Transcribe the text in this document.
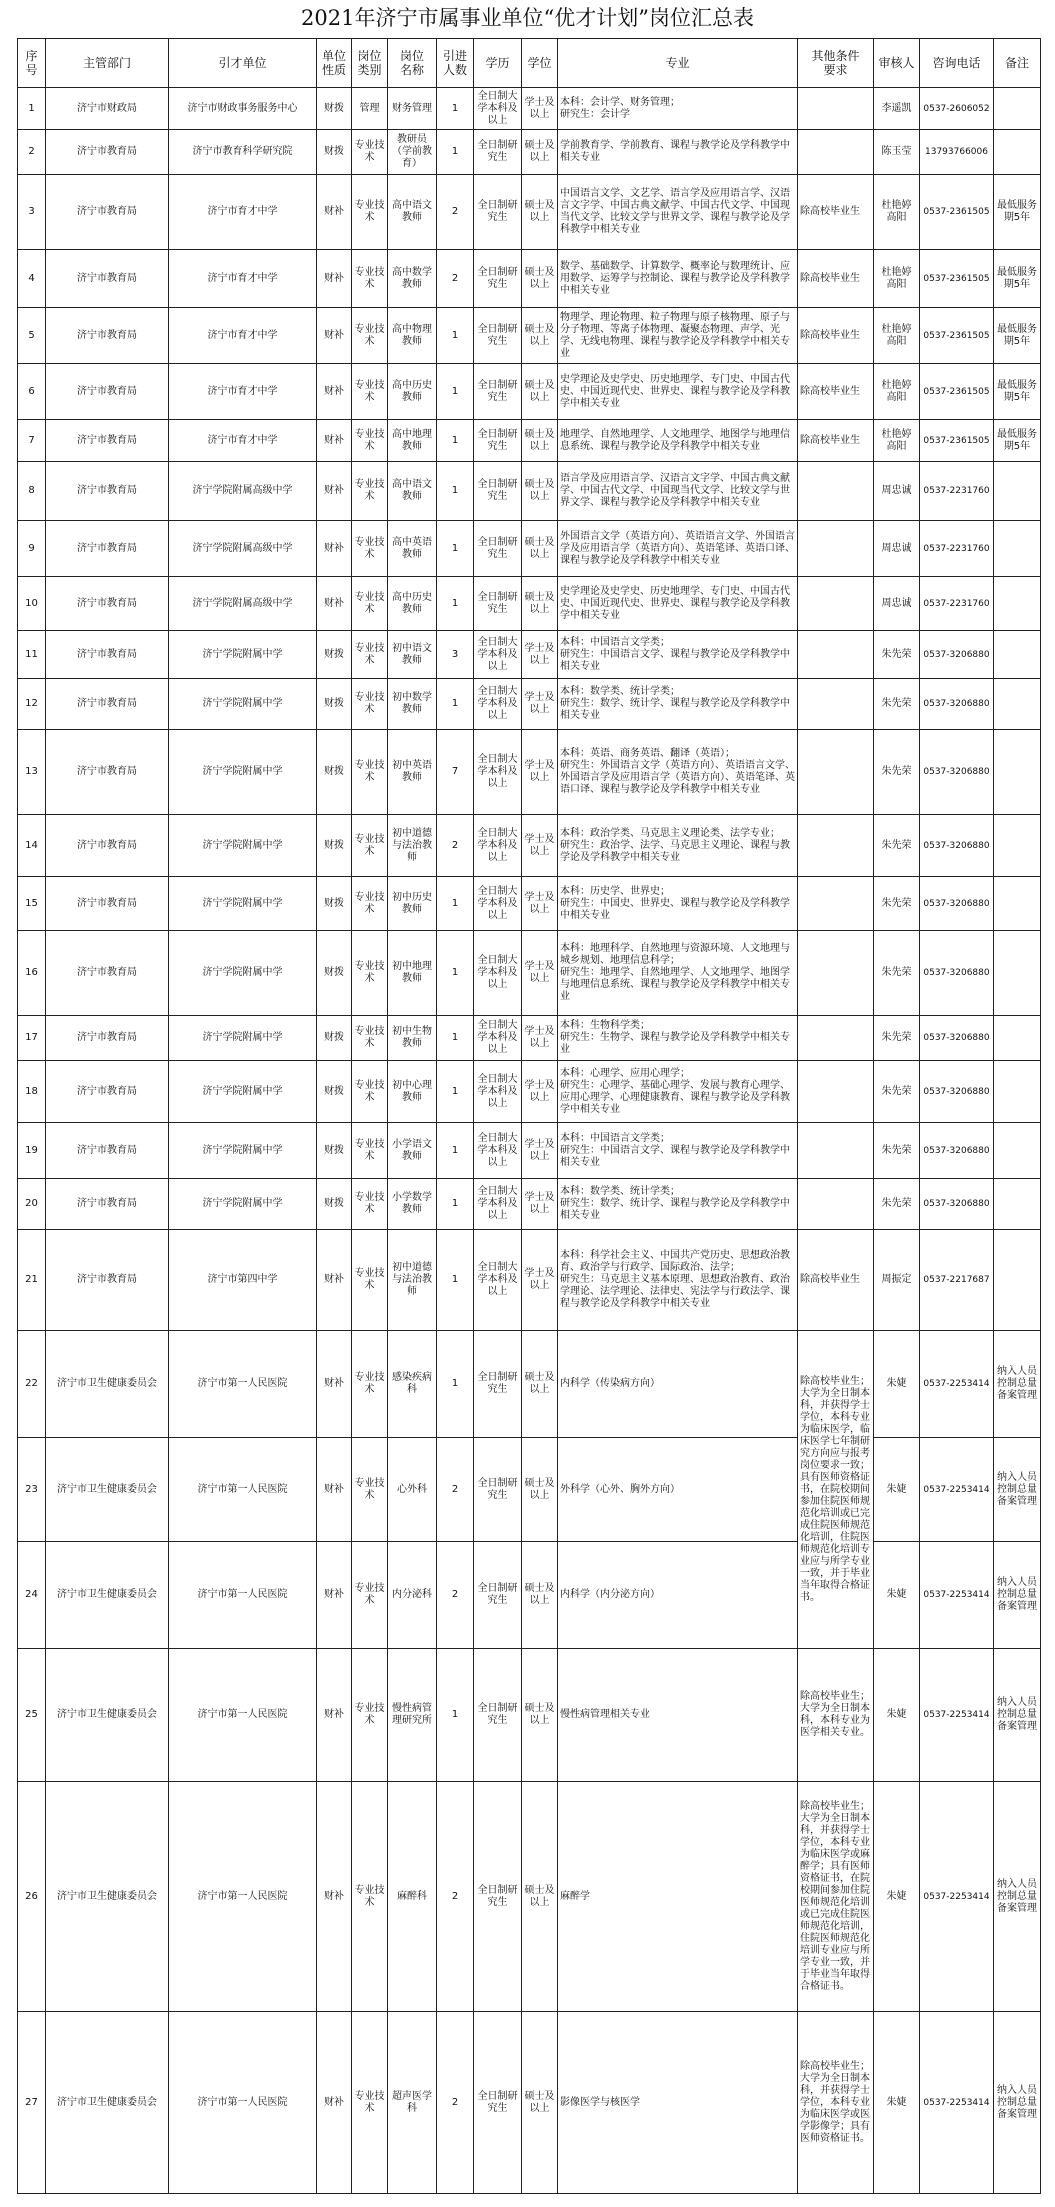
2021年济宁市属事业单位“优才计划”岗位汇总表
序号	主管部门	引才单位	单位性质	岗位类别	岗位名称	引进人数	学历	学位	专业	其他条件要求	审核人	咨询电话	备注
1	济宁市财政局	济宁市财政事务服务中心	财拨	管理	财务管理	1	全日制大学本科及以上	学士及以上	本科：会计学、财务管理；
研究生：会计学		李遥凯	0537-2606052	
2	济宁市教育局	济宁市教育科学研究院	财拨	专业技术	教研员（学前教育）	1	全日制研究生	硕士及以上	学前教育学、学前教育、课程与教学论及学科教学中相关专业		陈玉莹	13793766006	
3	济宁市教育局	济宁市育才中学	财补	专业技术	高中语文教师	2	全日制研究生	硕士及以上	中国语言文学、文艺学、语言学及应用语言学、汉语言文字学、中国古典文献学、中国古代文学、中国现当代文学、比较文学与世界文学、课程与教学论及学科教学中相关专业	除高校毕业生	杜艳婷 高阳	0537-2361505	最低服务期5年
4	济宁市教育局	济宁市育才中学	财补	专业技术	高中数学教师	2	全日制研究生	硕士及以上	数学、基础数学、计算数学、概率论与数理统计、应用数学、运筹学与控制论、课程与教学论及学科教学中相关专业	除高校毕业生	杜艳婷 高阳	0537-2361505	最低服务期5年
5	济宁市教育局	济宁市育才中学	财补	专业技术	高中物理教师	1	全日制研究生	硕士及以上	物理学、理论物理、粒子物理与原子核物理、原子与分子物理、等离子体物理、凝聚态物理、声学、光学、无线电物理、课程与教学论及学科教学中相关专业	除高校毕业生	杜艳婷 高阳	0537-2361505	最低服务期5年
6	济宁市教育局	济宁市育才中学	财补	专业技术	高中历史教师	1	全日制研究生	硕士及以上	史学理论及史学史、历史地理学、专门史、中国古代史、中国近现代史、世界史、课程与教学论及学科教学中相关专业	除高校毕业生	杜艳婷 高阳	0537-2361505	最低服务期5年
7	济宁市教育局	济宁市育才中学	财补	专业技术	高中地理教师	1	全日制研究生	硕士及以上	地理学、自然地理学、人文地理学、地图学与地理信息系统、课程与教学论及学科教学中相关专业	除高校毕业生	杜艳婷 高阳	0537-2361505	最低服务期5年
8	济宁市教育局	济宁学院附属高级中学	财补	专业技术	高中语文教师	1	全日制研究生	硕士及以上	语言学及应用语言学、汉语言文字学、中国古典文献学、中国古代文学、中国现当代文学、比较文学与世界文学、课程与教学论及学科教学中相关专业		周忠诚	0537-2231760	
9	济宁市教育局	济宁学院附属高级中学	财补	专业技术	高中英语教师	1	全日制研究生	硕士及以上	外国语言文学（英语方向）、英语语言文学、外国语言学及应用语言学（英语方向）、英语笔译、英语口译、课程与教学论及学科教学中相关专业		周忠诚	0537-2231760	
10	济宁市教育局	济宁学院附属高级中学	财补	专业技术	高中历史教师	1	全日制研究生	硕士及以上	史学理论及史学史、历史地理学、专门史、中国古代史、中国近现代史、世界史、课程与教学论及学科教学中相关专业		周忠诚	0537-2231760	
11	济宁市教育局	济宁学院附属中学	财拨	专业技术	初中语文教师	3	全日制大学本科及以上	学士及以上	本科：中国语言文学类；
研究生：中国语言文学、课程与教学论及学科教学中相关专业		朱先荣	0537-3206880	
12	济宁市教育局	济宁学院附属中学	财拨	专业技术	初中数学教师	1	全日制大学本科及以上	学士及以上	本科：数学类、统计学类；
研究生：数学、统计学、课程与教学论及学科教学中相关专业		朱先荣	0537-3206880	
13	济宁市教育局	济宁学院附属中学	财拨	专业技术	初中英语教师	7	全日制大学本科及以上	学士及以上	本科：英语、商务英语、翻译（英语）；
研究生：外国语言文学（英语方向）、英语语言文学、外国语言学及应用语言学（英语方向）、英语笔译、英语口译、课程与教学论及学科教学中相关专业		朱先荣	0537-3206880	
14	济宁市教育局	济宁学院附属中学	财拨	专业技术	初中道德与法治教师	2	全日制大学本科及以上	学士及以上	本科：政治学类、马克思主义理论类、法学专业；
研究生：政治学、法学、马克思主义理论、课程与教学论及学科教学中相关专业		朱先荣	0537-3206880	
15	济宁市教育局	济宁学院附属中学	财拨	专业技术	初中历史教师	1	全日制大学本科及以上	学士及以上	本科：历史学、世界史；
研究生：中国史、世界史、课程与教学论及学科教学中相关专业		朱先荣	0537-3206880	
16	济宁市教育局	济宁学院附属中学	财拨	专业技术	初中地理教师	1	全日制大学本科及以上	学士及以上	本科：地理科学、自然地理与资源环境、人文地理与城乡规划、地理信息科学；
研究生：地理学、自然地理学、人文地理学、地图学与地理信息系统、课程与教学论及学科教学中相关专业		朱先荣	0537-3206880	
17	济宁市教育局	济宁学院附属中学	财拨	专业技术	初中生物教师	1	全日制大学本科及以上	学士及以上	本科：生物科学类；
研究生：生物学、课程与教学论及学科教学中相关专业		朱先荣	0537-3206880	
18	济宁市教育局	济宁学院附属中学	财拨	专业技术	初中心理教师	1	全日制大学本科及以上	学士及以上	本科：心理学、应用心理学；
研究生：心理学、基础心理学、发展与教育心理学、应用心理学、心理健康教育、课程与教学论及学科教学中相关专业		朱先荣	0537-3206880	
19	济宁市教育局	济宁学院附属中学	财拨	专业技术	小学语文教师	1	全日制大学本科及以上	学士及以上	本科：中国语言文学类；
研究生：中国语言文学、课程与教学论及学科教学中相关专业		朱先荣	0537-3206880	
20	济宁市教育局	济宁学院附属中学	财拨	专业技术	小学数学教师	1	全日制大学本科及以上	学士及以上	本科：数学类、统计学类；
研究生：数学、统计学、课程与教学论及学科教学中相关专业		朱先荣	0537-3206880	
21	济宁市教育局	济宁市第四中学	财补	专业技术	初中道德与法治教师	1	全日制大学本科及以上	学士及以上	本科：科学社会主义、中国共产党历史、思想政治教育、政治学与行政学、国际政治、法学；
研究生：马克思主义基本原理、思想政治教育、政治学理论、法学理论、法律史、宪法学与行政法学、课程与教学论及学科教学中相关专业	除高校毕业生	周振定	0537-2217687	
22	济宁市卫生健康委员会	济宁市第一人民医院	财补	专业技术	感染疾病科	1	全日制研究生	硕士及以上	内科学（传染病方向）	除高校毕业生；大学为全日制本科，并获得学士学位，本科专业为临床医学，临床医学七年制研究方向应与报考岗位要求一致；具有医师资格证书，在院校期间参加住院医师规范化培训或已完成住院医师规范化培训，住院医师规范化培训专业应与所学专业一致，并于毕业当年取得合格证书。	朱婕	0537-2253414	纳入人员控制总量备案管理
23	济宁市卫生健康委员会	济宁市第一人民医院	财补	专业技术	心外科	2	全日制研究生	硕士及以上	外科学（心外、胸外方向）		朱婕	0537-2253414	纳入人员控制总量备案管理
24	济宁市卫生健康委员会	济宁市第一人民医院	财补	专业技术	内分泌科	2	全日制研究生	硕士及以上	内科学（内分泌方向）		朱婕	0537-2253414	纳入人员控制总量备案管理
25	济宁市卫生健康委员会	济宁市第一人民医院	财补	专业技术	慢性病管理研究所	1	全日制研究生	硕士及以上	慢性病管理相关专业	除高校毕业生；大学为全日制本科，本科专业为医学相关专业。	朱婕	0537-2253414	纳入人员控制总量备案管理
26	济宁市卫生健康委员会	济宁市第一人民医院	财补	专业技术	麻醉科	2	全日制研究生	硕士及以上	麻醉学	除高校毕业生；大学为全日制本科，并获得学士学位，本科专业为临床医学或麻醉学；具有医师资格证书，在院校期间参加住院医师规范化培训或已完成住院医师规范化培训，住院医师规范化培训专业应与所学专业一致，并于毕业当年取得合格证书。	朱婕	0537-2253414	纳入人员控制总量备案管理
27	济宁市卫生健康委员会	济宁市第一人民医院	财补	专业技术	超声医学科	2	全日制研究生	硕士及以上	影像医学与核医学	除高校毕业生；大学为全日制本科，并获得学士学位，本科专业为临床医学或医学影像学；具有医师资格证书。	朱婕	0537-2253414	纳入人员控制总量备案管理
